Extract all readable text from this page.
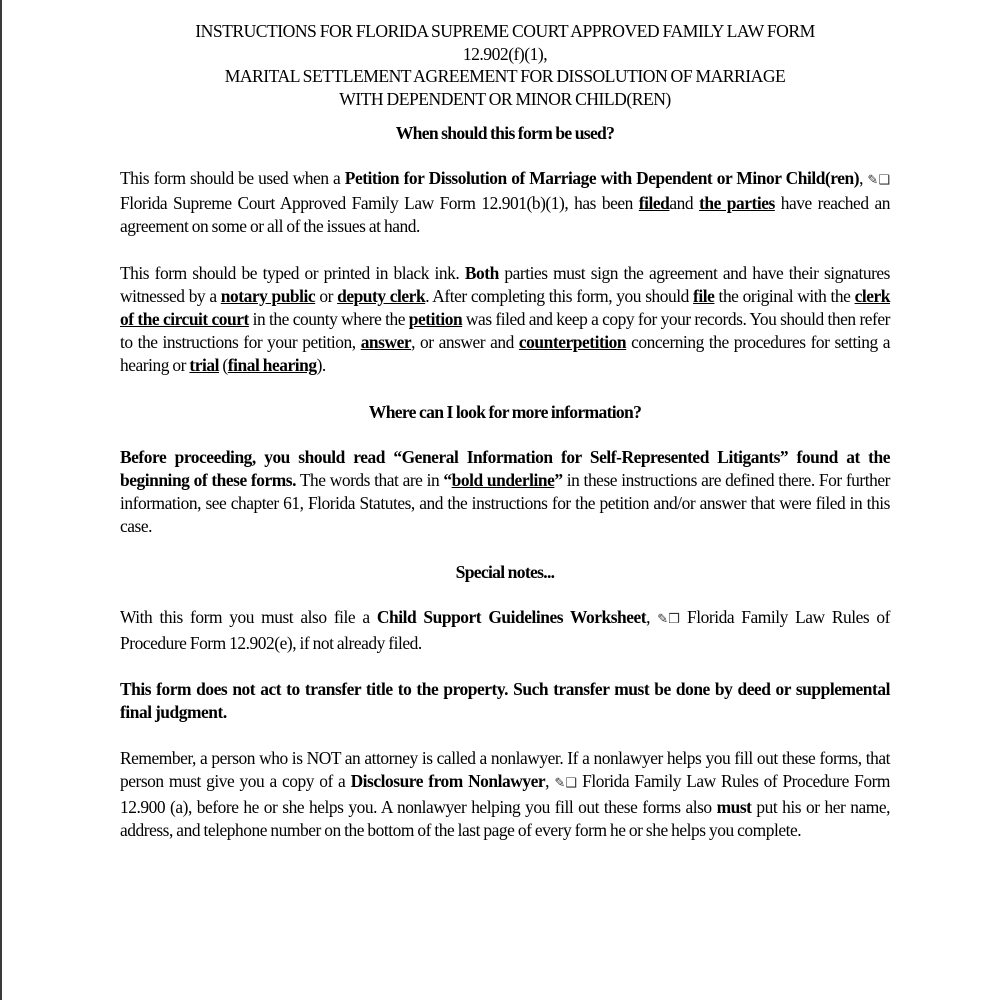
INSTRUCTIONS FOR FLORIDA SUPREME COURT APPROVED FAMILY LAW FORM
12.902(f)(1),
MARITAL SETTLEMENT AGREEMENT FOR DISSOLUTION OF MARRIAGE
WITH DEPENDENT OR MINOR CHILD(REN)
When should this form be used?

This form should be used when a Petition for Dissolution of Marriage with Dependent or Minor Child(ren), ✎❑ Florida Supreme Court Approved Family Law Form 12.901(b)(1), has been filedand the parties have reached an agreement on some or all of the issues at hand.

This form should be typed or printed in black ink. Both parties must sign the agreement and have their signatures witnessed by a notary public or deputy clerk. After completing this form, you should file the original with the clerk of the circuit court in the county where the petition was filed and keep a copy for your records. You should then refer to the instructions for your petition, answer, or answer and counterpetition concerning the procedures for setting a hearing or trial (final hearing).

Where can I look for more information?

Before proceeding, you should read “General Information for Self-Represented Litigants” found at the beginning of these forms. The words that are in “bold underline” in these instructions are defined there. For further information, see chapter 61, Florida Statutes, and the instructions for the petition and/or answer that were filed in this case.

Special notes...

With this form you must also file a Child Support Guidelines Worksheet, ✎❒ Florida Family Law Rules of Procedure Form 12.902(e), if not already filed.

This form does not act to transfer title to the property. Such transfer must be done by deed or supplemental final judgment.

Remember, a person who is NOT an attorney is called a nonlawyer. If a nonlawyer helps you fill out these forms, that person must give you a copy of a Disclosure from Nonlawyer, ✎❑ Florida Family Law Rules of Procedure Form 12.900 (a), before he or she helps you. A nonlawyer helping you fill out these forms also must put his or her name, address, and telephone number on the bottom of the last page of every form he or she helps you complete.
